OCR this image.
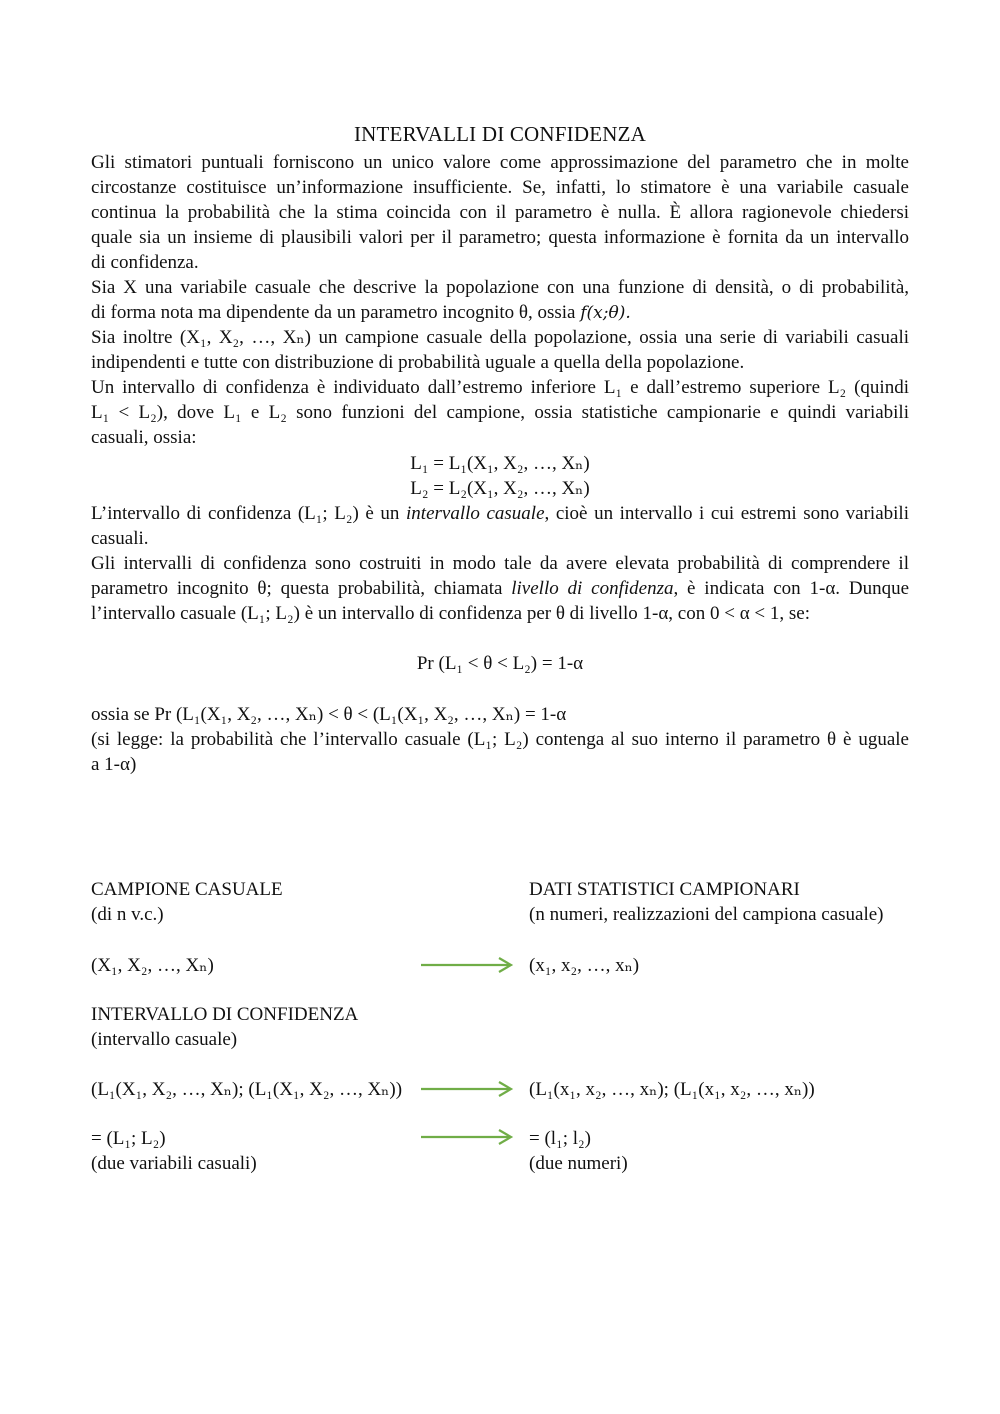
INTERVALLI DI CONFIDENZA
Gli stimatori puntuali forniscono un unico valore come approssimazione del parametro che in molte
circostanze costituisce un’informazione insufficiente. Se, infatti, lo stimatore è una variabile casuale
continua la probabilità che la stima coincida con il parametro è nulla. È allora ragionevole chiedersi
quale sia un insieme di plausibili valori per il parametro; questa informazione è fornita da un intervallo
di confidenza.
Sia X una variabile casuale che descrive la popolazione con una funzione di densità, o di probabilità,
di forma nota ma dipendente da un parametro incognito θ, ossia f(x;θ).
Sia inoltre (X₁, X₂, …, Xₙ) un campione casuale della popolazione, ossia una serie di variabili casuali
indipendenti e tutte con distribuzione di probabilità uguale a quella della popolazione.
Un intervallo di confidenza è individuato dall’estremo inferiore L₁ e dall’estremo superiore L₂ (quindi
L₁ < L₂), dove L₁ e L₂ sono funzioni del campione, ossia statistiche campionarie e quindi variabili
casuali, ossia:
L₁ = L₁(X₁, X₂, …, Xₙ)
L₂ = L₂(X₁, X₂, …, Xₙ)
L’intervallo di confidenza (L₁; L₂) è un intervallo casuale, cioè un intervallo i cui estremi sono variabili
casuali.
Gli intervalli di confidenza sono costruiti in modo tale da avere elevata probabilità di comprendere il
parametro incognito θ; questa probabilità, chiamata livello di confidenza, è indicata con 1-α. Dunque
l’intervallo casuale (L₁; L₂) è un intervallo di confidenza per θ di livello 1-α, con 0 < α < 1, se:
Pr (L₁ < θ < L₂) = 1-α
ossia se Pr (L₁(X₁, X₂, …, Xₙ) < θ < (L₁(X₁, X₂, …, Xₙ) = 1-α
(si legge: la probabilità che l’intervallo casuale (L₁; L₂) contenga al suo interno il parametro θ è uguale
a 1-α)
CAMPIONE CASUALE
(di n v.c.)
DATI STATISTICI CAMPIONARI
(n numeri, realizzazioni del campiona casuale)
(X₁, X₂, …, Xₙ)	(x₁, x₂, …, xₙ)
INTERVALLO DI CONFIDENZA
(intervallo casuale)
(L₁(X₁, X₂, …, Xₙ); (L₁(X₁, X₂, …, Xₙ))	(L₁(x₁, x₂, …, xₙ); (L₁(x₁, x₂, …, xₙ))
= (L₁; L₂)
(due variabili casuali)
= (l₁; l₂)
(due numeri)
